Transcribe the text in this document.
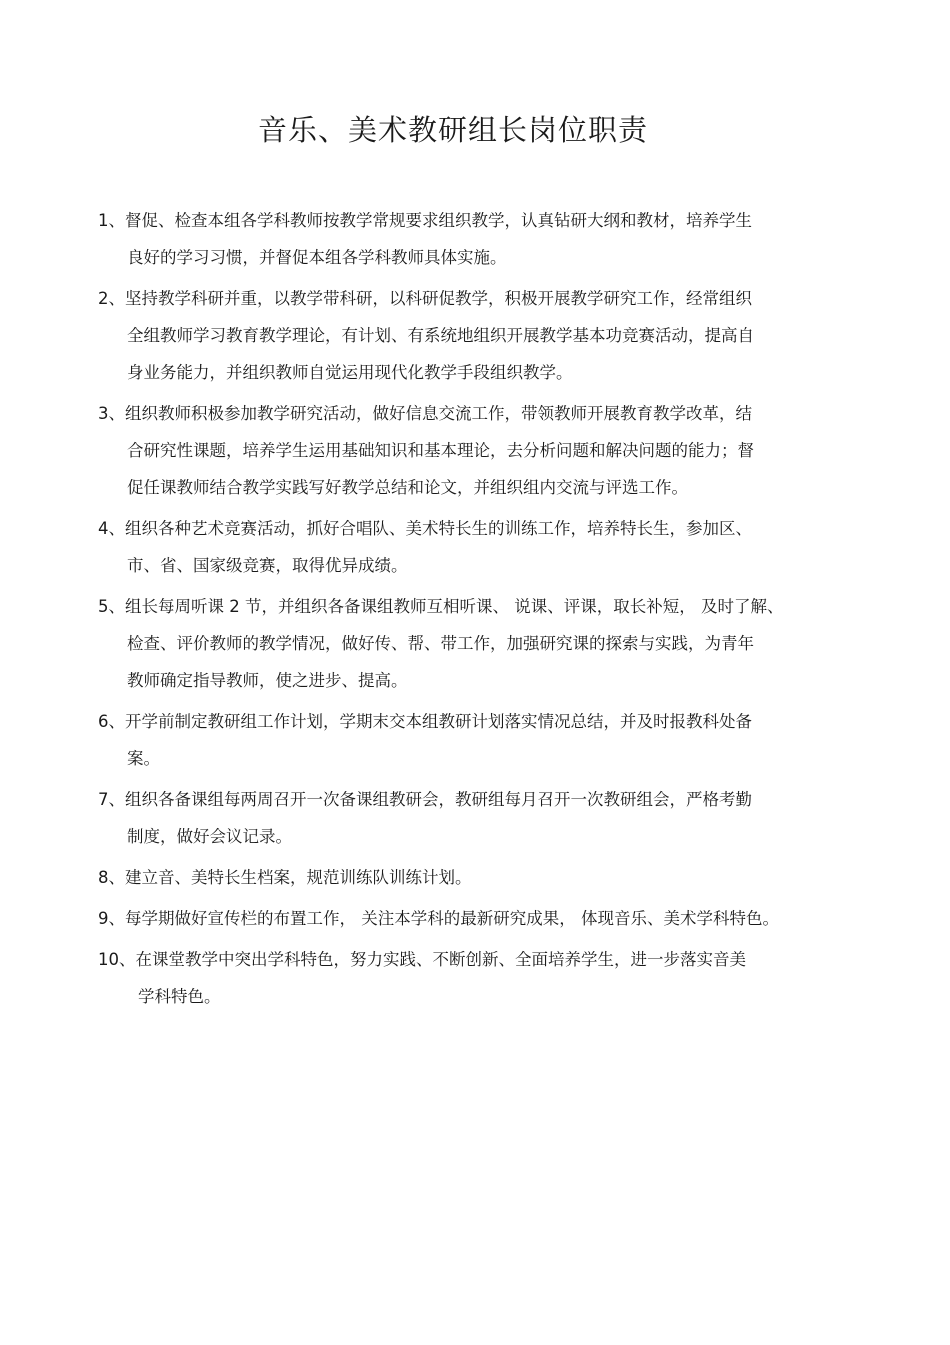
音乐、美术教研组长岗位职责
1、督促、检查本组各学科教师按教学常规要求组织教学，认真钻研大纲和教材，培养学生
良好的学习习惯，并督促本组各学科教师具体实施。
2、坚持教学科研并重，以教学带科研，以科研促教学，积极开展教学研究工作，经常组织
全组教师学习教育教学理论，有计划、有系统地组织开展教学基本功竞赛活动，提高自
身业务能力，并组织教师自觉运用现代化教学手段组织教学。
3、组织教师积极参加教学研究活动，做好信息交流工作，带领教师开展教育教学改革，结
合研究性课题，培养学生运用基础知识和基本理论，去分析问题和解决问题的能力；督
促任课教师结合教学实践写好教学总结和论文，并组织组内交流与评选工作。
4、组织各种艺术竞赛活动，抓好合唱队、美术特长生的训练工作，培养特长生，参加区、
市、省、国家级竞赛，取得优异成绩。
5、组长每周听课 2 节，并组织各备课组教师互相听课、 说课、评课，取长补短， 及时了解、
检查、评价教师的教学情况，做好传、帮、带工作，加强研究课的探索与实践，为青年
教师确定指导教师，使之进步、提高。
6、开学前制定教研组工作计划，学期末交本组教研计划落实情况总结，并及时报教科处备
案。
7、组织各备课组每两周召开一次备课组教研会，教研组每月召开一次教研组会，严格考勤
制度，做好会议记录。
8、建立音、美特长生档案，规范训练队训练计划。
9、每学期做好宣传栏的布置工作， 关注本学科的最新研究成果， 体现音乐、美术学科特色。
10、在课堂教学中突出学科特色，努力实践、不断创新、全面培养学生，进一步落实音美
学科特色。
